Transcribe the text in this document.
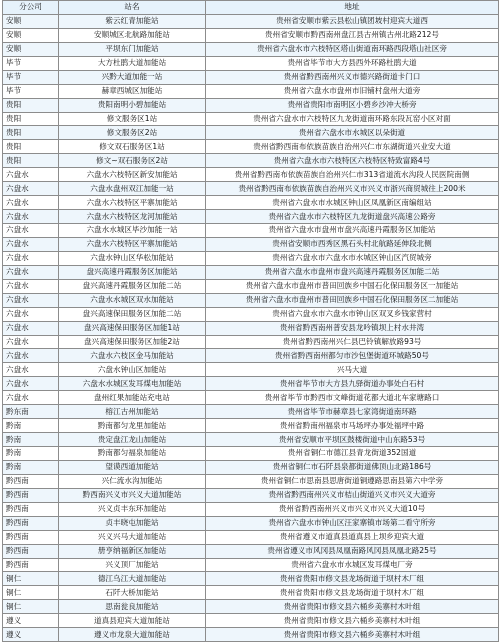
分公司	站名	地址
安顺	紫云红青加能站	贵州省安顺市紫云县松山镇团坡村迎宾大道西
安顺	安顺城区北航路加能站	贵州省安顺市黔西南州盘江县古州镇古州北路212号
安顺	平坝东门加能站	贵州省六盘水市六枝特区塔山街道南环路西段塔山社区旁
毕节	大方杜鹃大道加能站	贵州省毕节市大方县西外环路杜鹃大道
毕节	兴黔大道加能一站	贵州省黔西南州兴义市德兴路街道卡门口
毕节	赫章西城区加能站	贵州省六盘水市盘州市旧铺村盘州大道旁
贵阳	贵阳南明小碧加能站	贵州省贵阳市南明区小碧乡沙冲大桥旁
贵阳	修文服务区1站	贵州省六盘水市六枝特区九龙街道南环路东段瓦窑小区对面
贵阳	修文服务区2站	贵州省六盘水市水城区以朵街道
贵阳	修文双石服务区1站	贵州省黔西南布依族苗族自治州兴仁市东湖街道兴业安大道
贵阳	修文~双石服务区2站	贵州省六盘水市六枝特区六枝特区特致富路4号
六盘水	六盘水六枝特区新安加能站	贵州省黔西南布依族苗族自治州兴仁市313省道流水沟段人民医院南侧
六盘水	六盘水盘州双江加能一站	贵州省黔西南布依族苗族自治州兴义市兴义市浙兴商贸城往上200米
六盘水	六盘水六枝特区平寨加能站	贵州省六盘水市水城区钟山区凤凰新区南编组站
六盘水	六盘水六枝特区龙河加能站	贵州省六盘水市六枝特区九龙街道盘兴高速公路旁
六盘水	六盘水水城区毕沙加能一站	贵州省六盘水市盘州市盘兴高速丹霞服务区加能站
六盘水	六盘水六枝特区平寨加能站	贵州省安顺市西秀区黑石头村北航路延伸段北侧
六盘水	六盘水钟山区华松加能站	贵州省六盘水市六盘水市水城区钟山区汽贸城旁
六盘水	盘兴高速丹霞服务区加能站	贵州省六盘水市盘州市盘兴高速丹霞服务区加能二站
六盘水	盘兴高速丹霞服务区加能二站	贵州省六盘水市盘州市普田回族乡中国石化保田服务区一加能站
六盘水	六盘水水城区双水加能站	贵州省六盘水市盘州市普田回族乡中国石化保田服务区二加能站
六盘水	盘兴高速保田服务区加能二站	贵州省六盘水市六盘水市钟山区双叉乡钱家营村
六盘水	盘兴高速保田服务区加能1站	贵州省黔西南州普安县龙吟镇坝上村水井湾
六盘水	盘兴高速保田服务区加能2站	贵州省黔西南州兴仁县巴铃镇解放路93号
六盘水	六盘水六枝区金马加能站	贵州省黔西南州都匀市沙包堡街道环城路50号
六盘水	六盘水钟山区加能站	兴马大道
六盘水	六盘水水城区发耳煤电加能站	贵州省毕节市大方县九驿街道办事处白石村
六盘水	盘州红果加能站充电站	贵州省毕节市黔西市文峰街道花都大道北车家塘路口
黔东南	榕江古州加能站	贵州省毕节市赫章县七家湾街道南环路
黔南	黔南都匀龙里加能站	贵州省黔南州福泉市马场坪办事处福坪中路
黔南	贵定盘江龙山加能站	贵州省安顺市平坝区鼓楼街道中山东路53号
黔南	黔南都匀福泉加能站	贵州省铜仁市德江县青龙街道352国道
黔南	望谟西道加能站	贵州省铜仁市石阡县泉都街道佛顶山北路186号
黔西南	兴仁流水沟加能站	贵州省铜仁市思南县思唐街道铜遵路思南县第六中学旁
黔西南	黔西南兴义市兴义大道加能站	贵州省黔西南州兴义市桔山街道兴义市兴义大道旁
黔西南	兴义贞丰东环加能站	贵州省黔西南州兴义市兴义市兴义大道10号
黔西南	贞丰晓屯加能站	贵州省六盘水市钟山区汪家寨镇市场第二看守所旁
黔西南	兴义兴马大道加能站	贵州省遵义市道真县道真县上坝乡迎宾大道
黔西南	册亨纳福新区加能站	贵州省遵义市风冈县凤凰南路风冈县凤凰北路25号
黔西南	兴义顶厂加能站	贵州省六盘水市水城区发耳煤电厂旁
铜仁	德江乌江大道加能站	贵州省贵阳市修文县龙场街道于坝村木厂组
铜仁	石阡大桥加能站	贵州省贵阳市修文县龙场街道于坝村木厂组
铜仁	思南瓮良加能站	贵州省贵阳市修文县六桶乡美寨村木叶组
遵义	道真县迎宾大道加能站	贵州省贵阳市修文县六桶乡美寨村木叶组
遵义	遵义市龙泉大道加能站	贵州省贵阳市修文县六桶乡美寨村木叶组
